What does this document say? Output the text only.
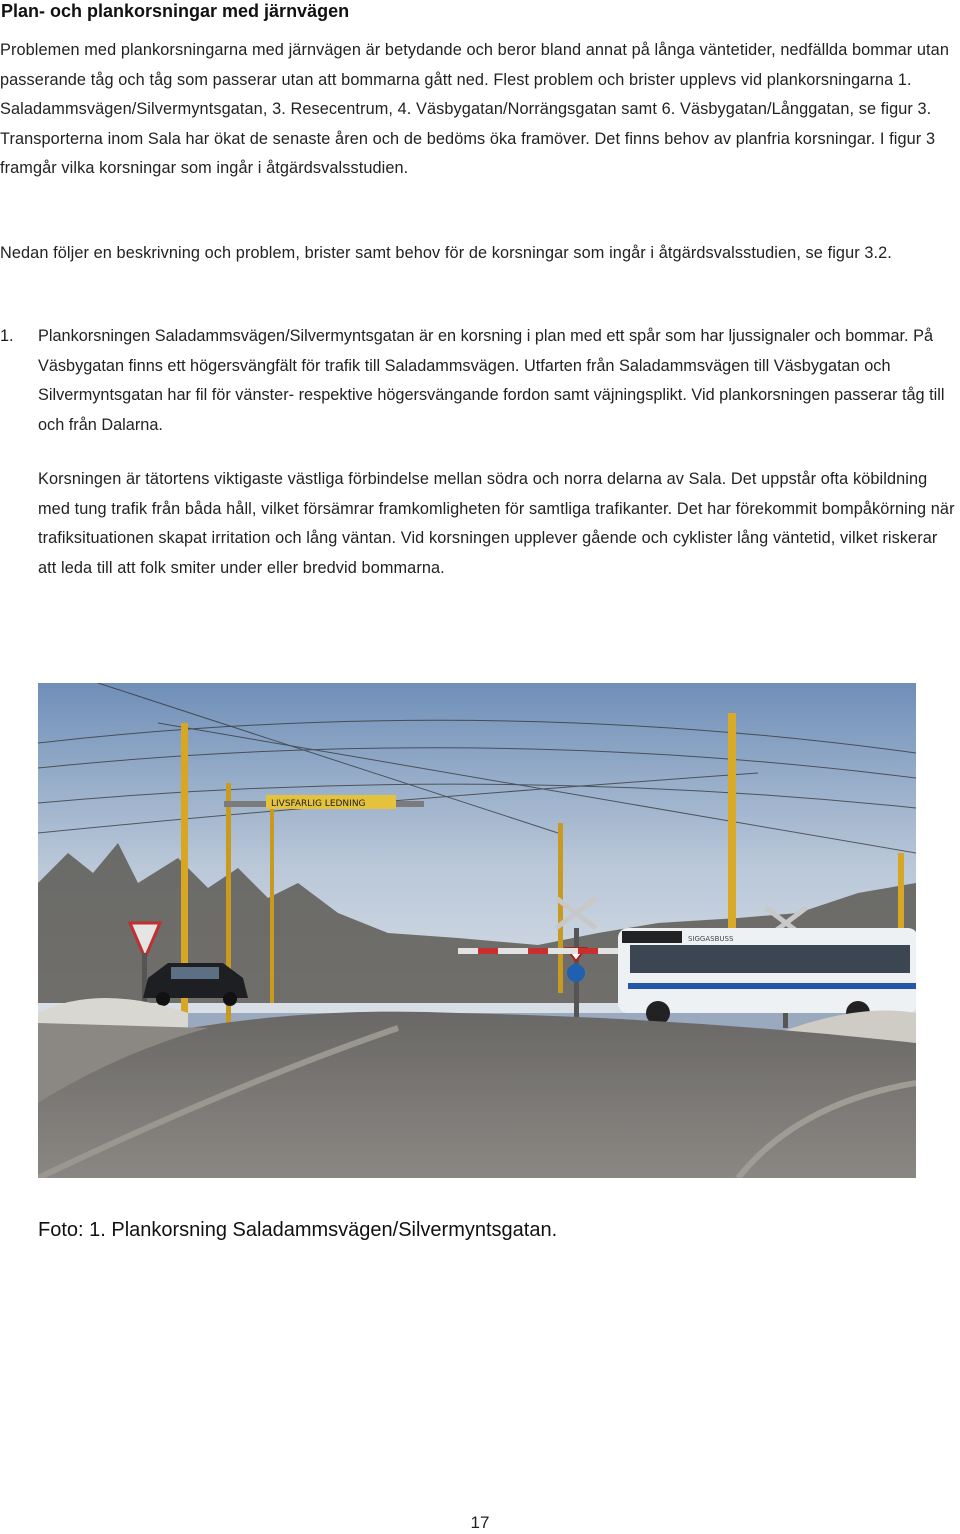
Plan- och plankorsningar med järnvägen

Problemen med plankorsningarna med järnvägen är betydande och beror bland annat på långa väntetider, nedfällda bommar utan passerande tåg och tåg som passerar utan att bommarna gått ned. Flest problem och brister upplevs vid plankorsningarna 1. Saladammsvägen/Silvermyntsgatan, 3. Resecentrum, 4. Väsbygatan/Norrängsgatan samt 6. Väsbygatan/Långgatan, se figur 3. Transporterna inom Sala har ökat de senaste åren och de bedöms öka framöver. Det finns behov av planfria korsningar. I figur 3 framgår vilka korsningar som ingår i åtgärdsvalsstudien.

Nedan följer en beskrivning och problem, brister samt behov för de korsningar som ingår i åtgärdsvalsstudien, se figur 3.2.

1. Plankorsningen Saladammsvägen/Silvermyntsgatan är en korsning i plan med ett spår som har ljussignaler och bommar. På Väsbygatan finns ett högersvängfält för trafik till Saladammsvägen. Utfarten från Saladammsvägen till Väsbygatan och Silvermyntsgatan har fil för vänster- respektive högersvängande fordon samt väjningsplikt. Vid plankorsningen passerar tåg till och från Dalarna.

Korsningen är tätortens viktigaste västliga förbindelse mellan södra och norra delarna av Sala. Det uppstår ofta köbildning med tung trafik från båda håll, vilket försämrar framkomligheten för samtliga trafikanter. Det har förekommit bompåkörning när trafiksituationen skapat irritation och lång väntan. Vid korsningen upplever gående och cyklister lång väntetid, vilket riskerar att leda till att folk smiter under eller bredvid bommarna.

LIVSFARLIG LEDNING
SIGGASBUSS
Foto: 1. Plankorsning Saladammsvägen/Silvermyntsgatan.
17
